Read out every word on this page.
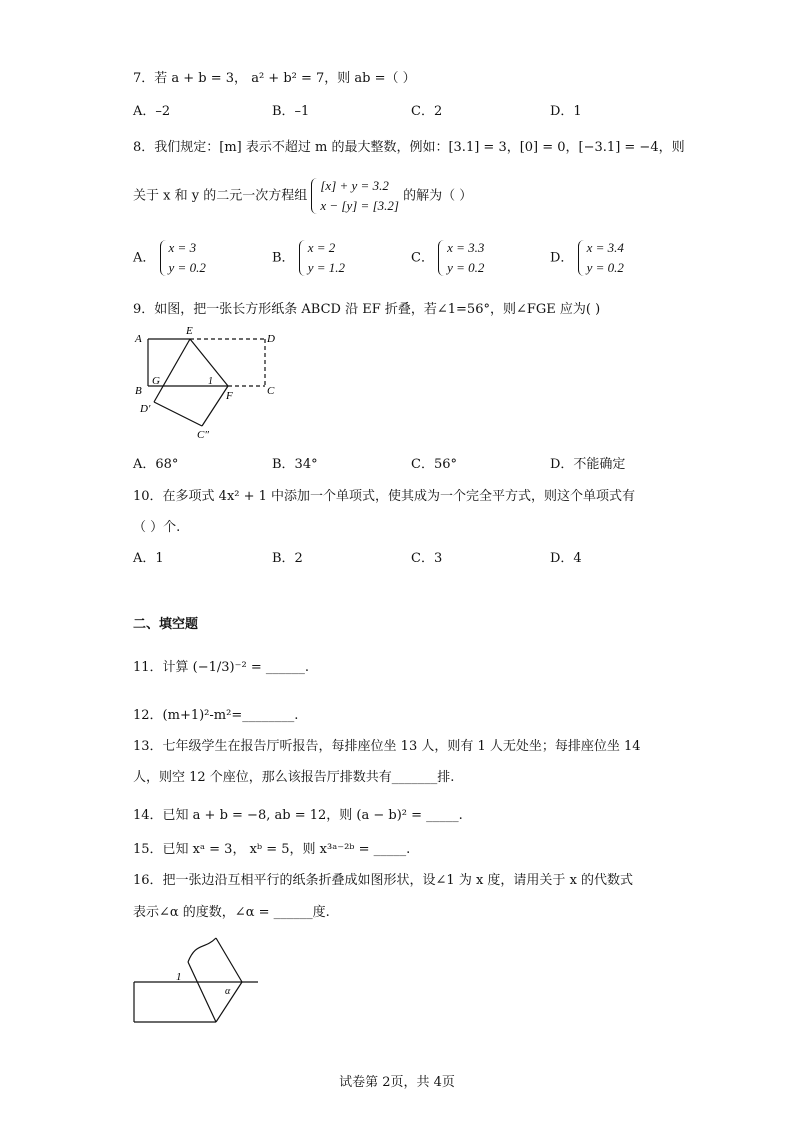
7．若 a + b = 3， a² + b² = 7，则 ab =（ ）
A．–2	B．–1	C．2	D．1
8．我们规定：[m] 表示不超过 m 的最大整数，例如：[3.1] = 3，[0] = 0，[−3.1] = −4，则
关于 x 和 y 的二元一次方程组
[x] + y = 3.2
x − [y] = [3.2]
的解为（ ）
A．
x = 3
y = 0.2
B．
x = 2
y = 1.2
C．
x = 3.3
y = 0.2
D．
x = 3.4
y = 0.2
9．如图，把一张长方形纸条 ABCD 沿 EF 折叠，若∠1=56°，则∠FGE 应为( )
A
E
D
B
G	1
C
F
D′
C″
A．68°	B．34°	C．56°	D．不能确定
10．在多项式 4x² + 1 中添加一个单项式，使其成为一个完全平方式，则这个单项式有
（ ）个.
A．1	B．2	C．3	D．4
二、填空题
11．计算 (−1/3)⁻² = ______.
12．(m+1)²-m²=________.
13．七年级学生在报告厅听报告，每排座位坐 13 人，则有 1 人无处坐；每排座位坐 14
人，则空 12 个座位，那么该报告厅排数共有_______排.
14．已知 a + b = −8, ab = 12，则 (a − b)² = _____.
15．已知 xᵃ = 3， xᵇ = 5，则 x³ᵃ⁻²ᵇ = _____.
16．把一张边沿互相平行的纸条折叠成如图形状，设∠1 为 x 度，请用关于 x 的代数式
表示∠α 的度数，∠α = ______度.
1
α
试卷第 2页，共 4页
